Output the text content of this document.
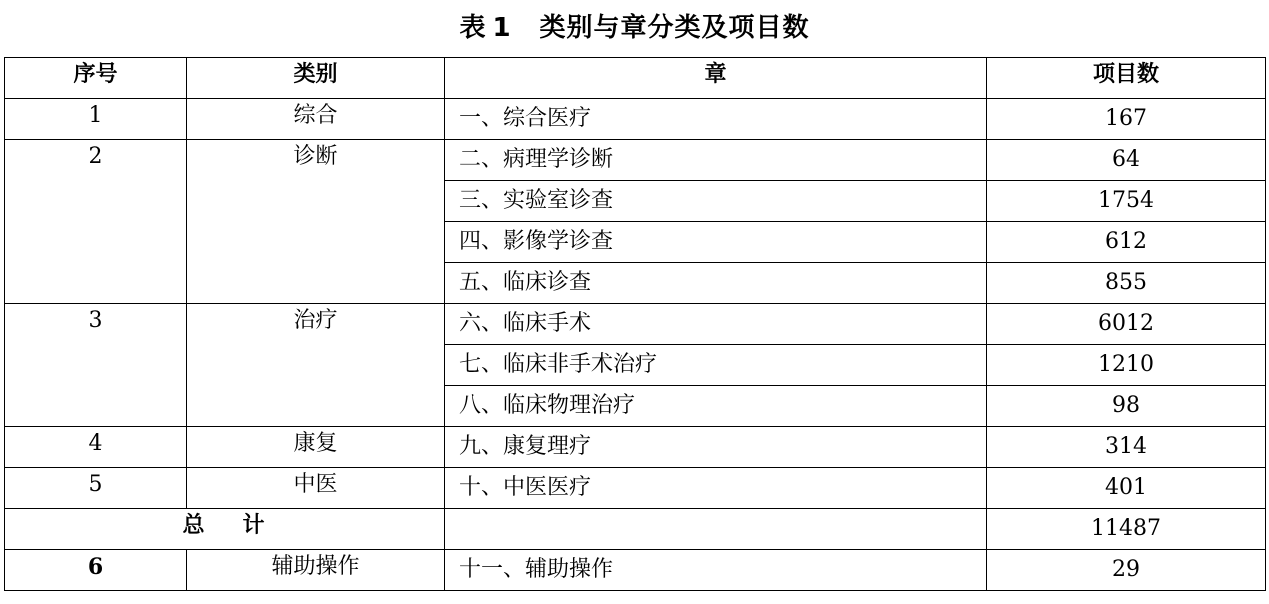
表 1 类别与章分类及项目数
序号	类别	章	项目数
1	综合	一、综合医疗	167
2	诊断	二、病理学诊断	64
		三、实验室诊查	1754
		四、影像学诊查	612
		五、临床诊查	855
3	治疗	六、临床手术	6012
		七、临床非手术治疗	1210
		八、临床物理治疗	98
4	康复	九、康复理疗	314
5	中医	十、中医医疗	401
总 计			11487
6	辅助操作	十一、辅助操作	29
